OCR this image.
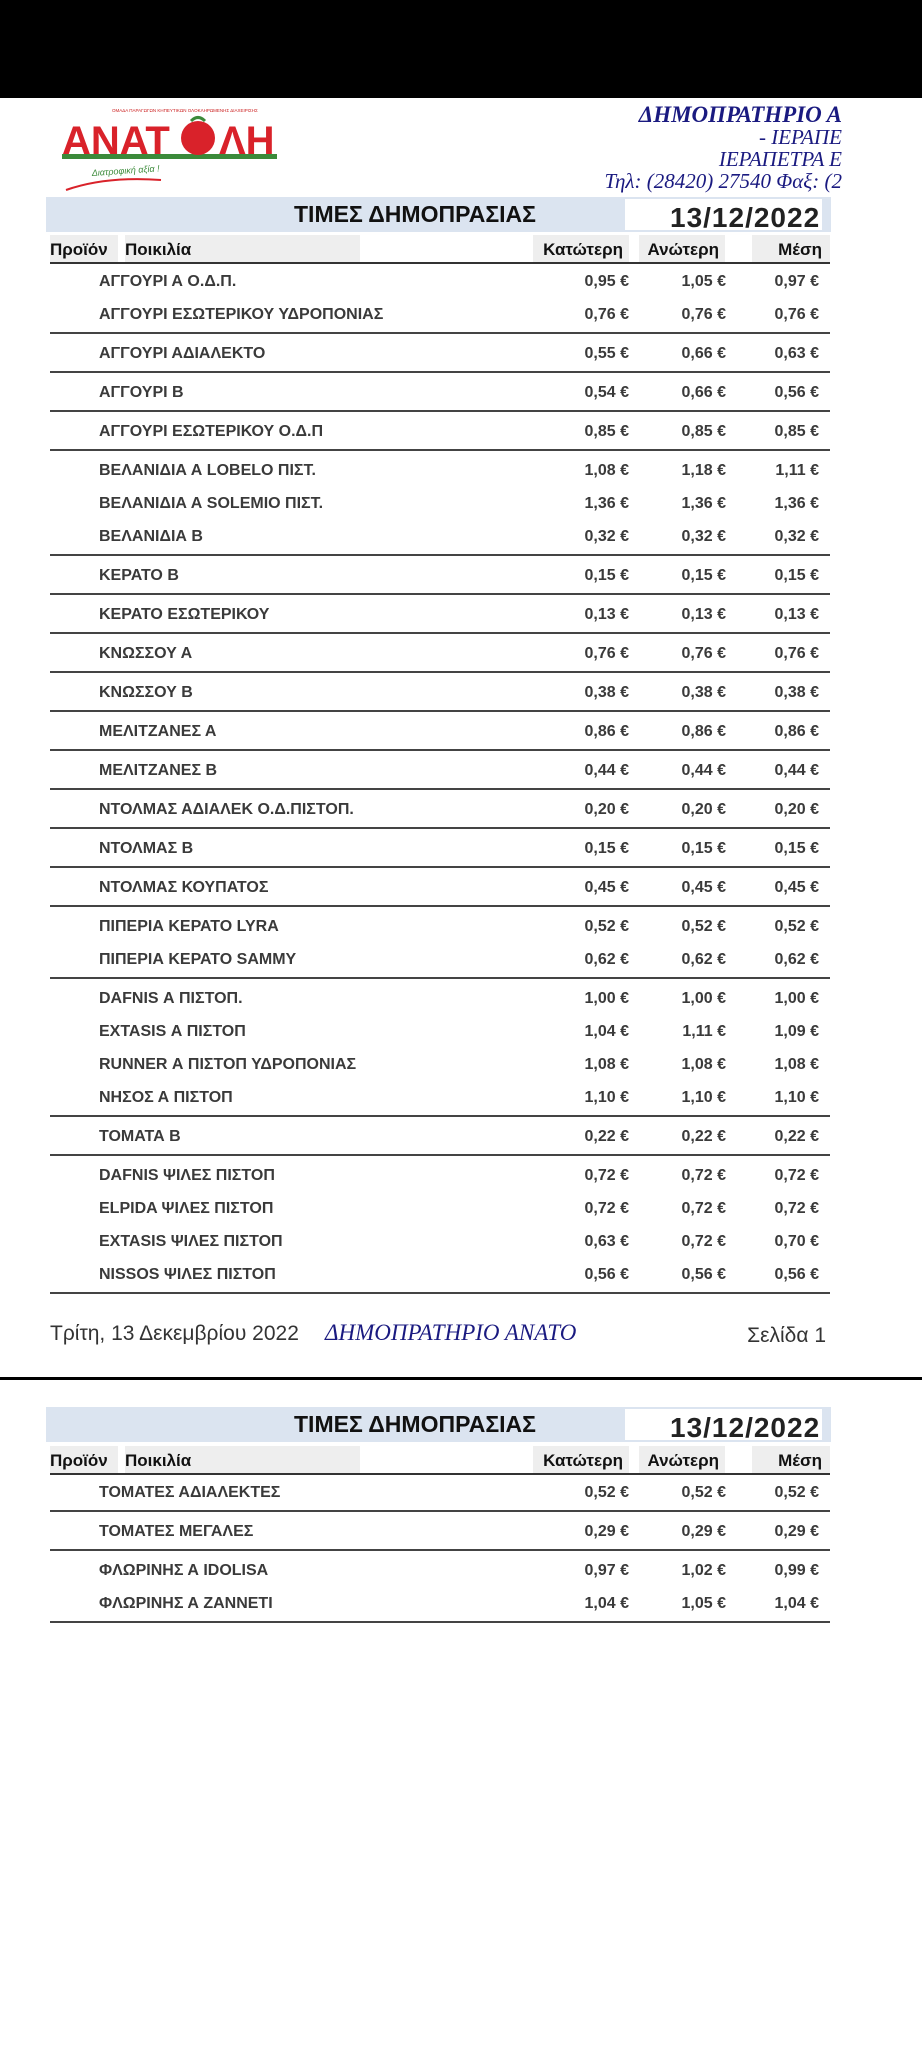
ΟΜΑΔΑ ΠΑΡΑΓΩΓΩΝ ΚΗΠΕΥΤΙΚΩΝ ΟΛΟΚΛΗΡΩΜΕΝΗΣ ΔΙΑΧΕΙΡΙΣΗΣ
ΑΝΑΤ ΛΗ
Διατροφική αξία !
ΔΗΜΟΠΡΑΤΗΡΙΟ Α
- ΙΕΡΑΠΕ
ΙΕΡΑΠΕΤΡΑ Ε
Τηλ: (28420) 27540 Φαξ: (2
ΤΙΜΕΣ ΔΗΜΟΠΡΑΣΙΑΣ	13/12/2022
Προϊόν	Ποικιλία	Κατώτερη	Ανώτερη	Μέση
ΑΓΓΟΥΡΙ Α Ο.Δ.Π.	0,95 €	1,05 €	0,97 €
ΑΓΓΟΥΡΙ ΕΣΩΤΕΡΙΚΟΥ ΥΔΡΟΠΟΝΙΑΣ	0,76 €	0,76 €	0,76 €
ΑΓΓΟΥΡΙ ΑΔΙΑΛΕΚΤΟ	0,55 €	0,66 €	0,63 €
ΑΓΓΟΥΡΙ Β	0,54 €	0,66 €	0,56 €
ΑΓΓΟΥΡΙ ΕΣΩΤΕΡΙΚΟΥ Ο.Δ.Π	0,85 €	0,85 €	0,85 €
ΒΕΛΑΝΙΔΙΑ Α LOBELO ΠΙΣΤ.	1,08 €	1,18 €	1,11 €
ΒΕΛΑΝΙΔΙΑ Α SOLEMIO ΠΙΣΤ.	1,36 €	1,36 €	1,36 €
ΒΕΛΑΝΙΔΙΑ Β	0,32 €	0,32 €	0,32 €
ΚΕΡΑΤΟ Β	0,15 €	0,15 €	0,15 €
ΚΕΡΑΤΟ ΕΣΩΤΕΡΙΚΟΥ	0,13 €	0,13 €	0,13 €
ΚΝΩΣΣΟΥ Α	0,76 €	0,76 €	0,76 €
ΚΝΩΣΣΟΥ Β	0,38 €	0,38 €	0,38 €
ΜΕΛΙΤΖΑΝΕΣ Α	0,86 €	0,86 €	0,86 €
ΜΕΛΙΤΖΑΝΕΣ Β	0,44 €	0,44 €	0,44 €
ΝΤΟΛΜΑΣ ΑΔΙΑΛΕΚ Ο.Δ.ΠΙΣΤΟΠ.	0,20 €	0,20 €	0,20 €
ΝΤΟΛΜΑΣ Β	0,15 €	0,15 €	0,15 €
ΝΤΟΛΜΑΣ ΚΟΥΠΑΤΟΣ	0,45 €	0,45 €	0,45 €
ΠΙΠΕΡΙΑ ΚΕΡΑΤΟ LYRA	0,52 €	0,52 €	0,52 €
ΠΙΠΕΡΙΑ ΚΕΡΑΤΟ SAMMY	0,62 €	0,62 €	0,62 €
DAFNIS Α ΠΙΣΤΟΠ.	1,00 €	1,00 €	1,00 €
EXTASIS Α ΠΙΣΤΟΠ	1,04 €	1,11 €	1,09 €
RUNNER Α ΠΙΣΤΟΠ ΥΔΡΟΠΟΝΙΑΣ	1,08 €	1,08 €	1,08 €
ΝΗΣΟΣ Α ΠΙΣΤΟΠ	1,10 €	1,10 €	1,10 €
ΤΟΜΑΤΑ Β	0,22 €	0,22 €	0,22 €
DAFNIS ΨΙΛΕΣ ΠΙΣΤΟΠ	0,72 €	0,72 €	0,72 €
ELPIDA ΨΙΛΕΣ ΠΙΣΤΟΠ	0,72 €	0,72 €	0,72 €
EXTASIS ΨΙΛΕΣ ΠΙΣΤΟΠ	0,63 €	0,72 €	0,70 €
NISSOS ΨΙΛΕΣ ΠΙΣΤΟΠ	0,56 €	0,56 €	0,56 €
Τρίτη, 13 Δεκεμβρίου 2022 ΔΗΜΟΠΡΑΤΗΡΙΟ ΑΝΑΤΟ	Σελίδα 1
ΤΙΜΕΣ ΔΗΜΟΠΡΑΣΙΑΣ	13/12/2022
Προϊόν	Ποικιλία	Κατώτερη	Ανώτερη	Μέση
ΤΟΜΑΤΕΣ ΑΔΙΑΛΕΚΤΕΣ	0,52 €	0,52 €	0,52 €
ΤΟΜΑΤΕΣ ΜΕΓΑΛΕΣ	0,29 €	0,29 €	0,29 €
ΦΛΩΡΙΝΗΣ Α IDOLISA	0,97 €	1,02 €	0,99 €
ΦΛΩΡΙΝΗΣ Α ΖΑΝΝΕΤΙ	1,04 €	1,05 €	1,04 €
